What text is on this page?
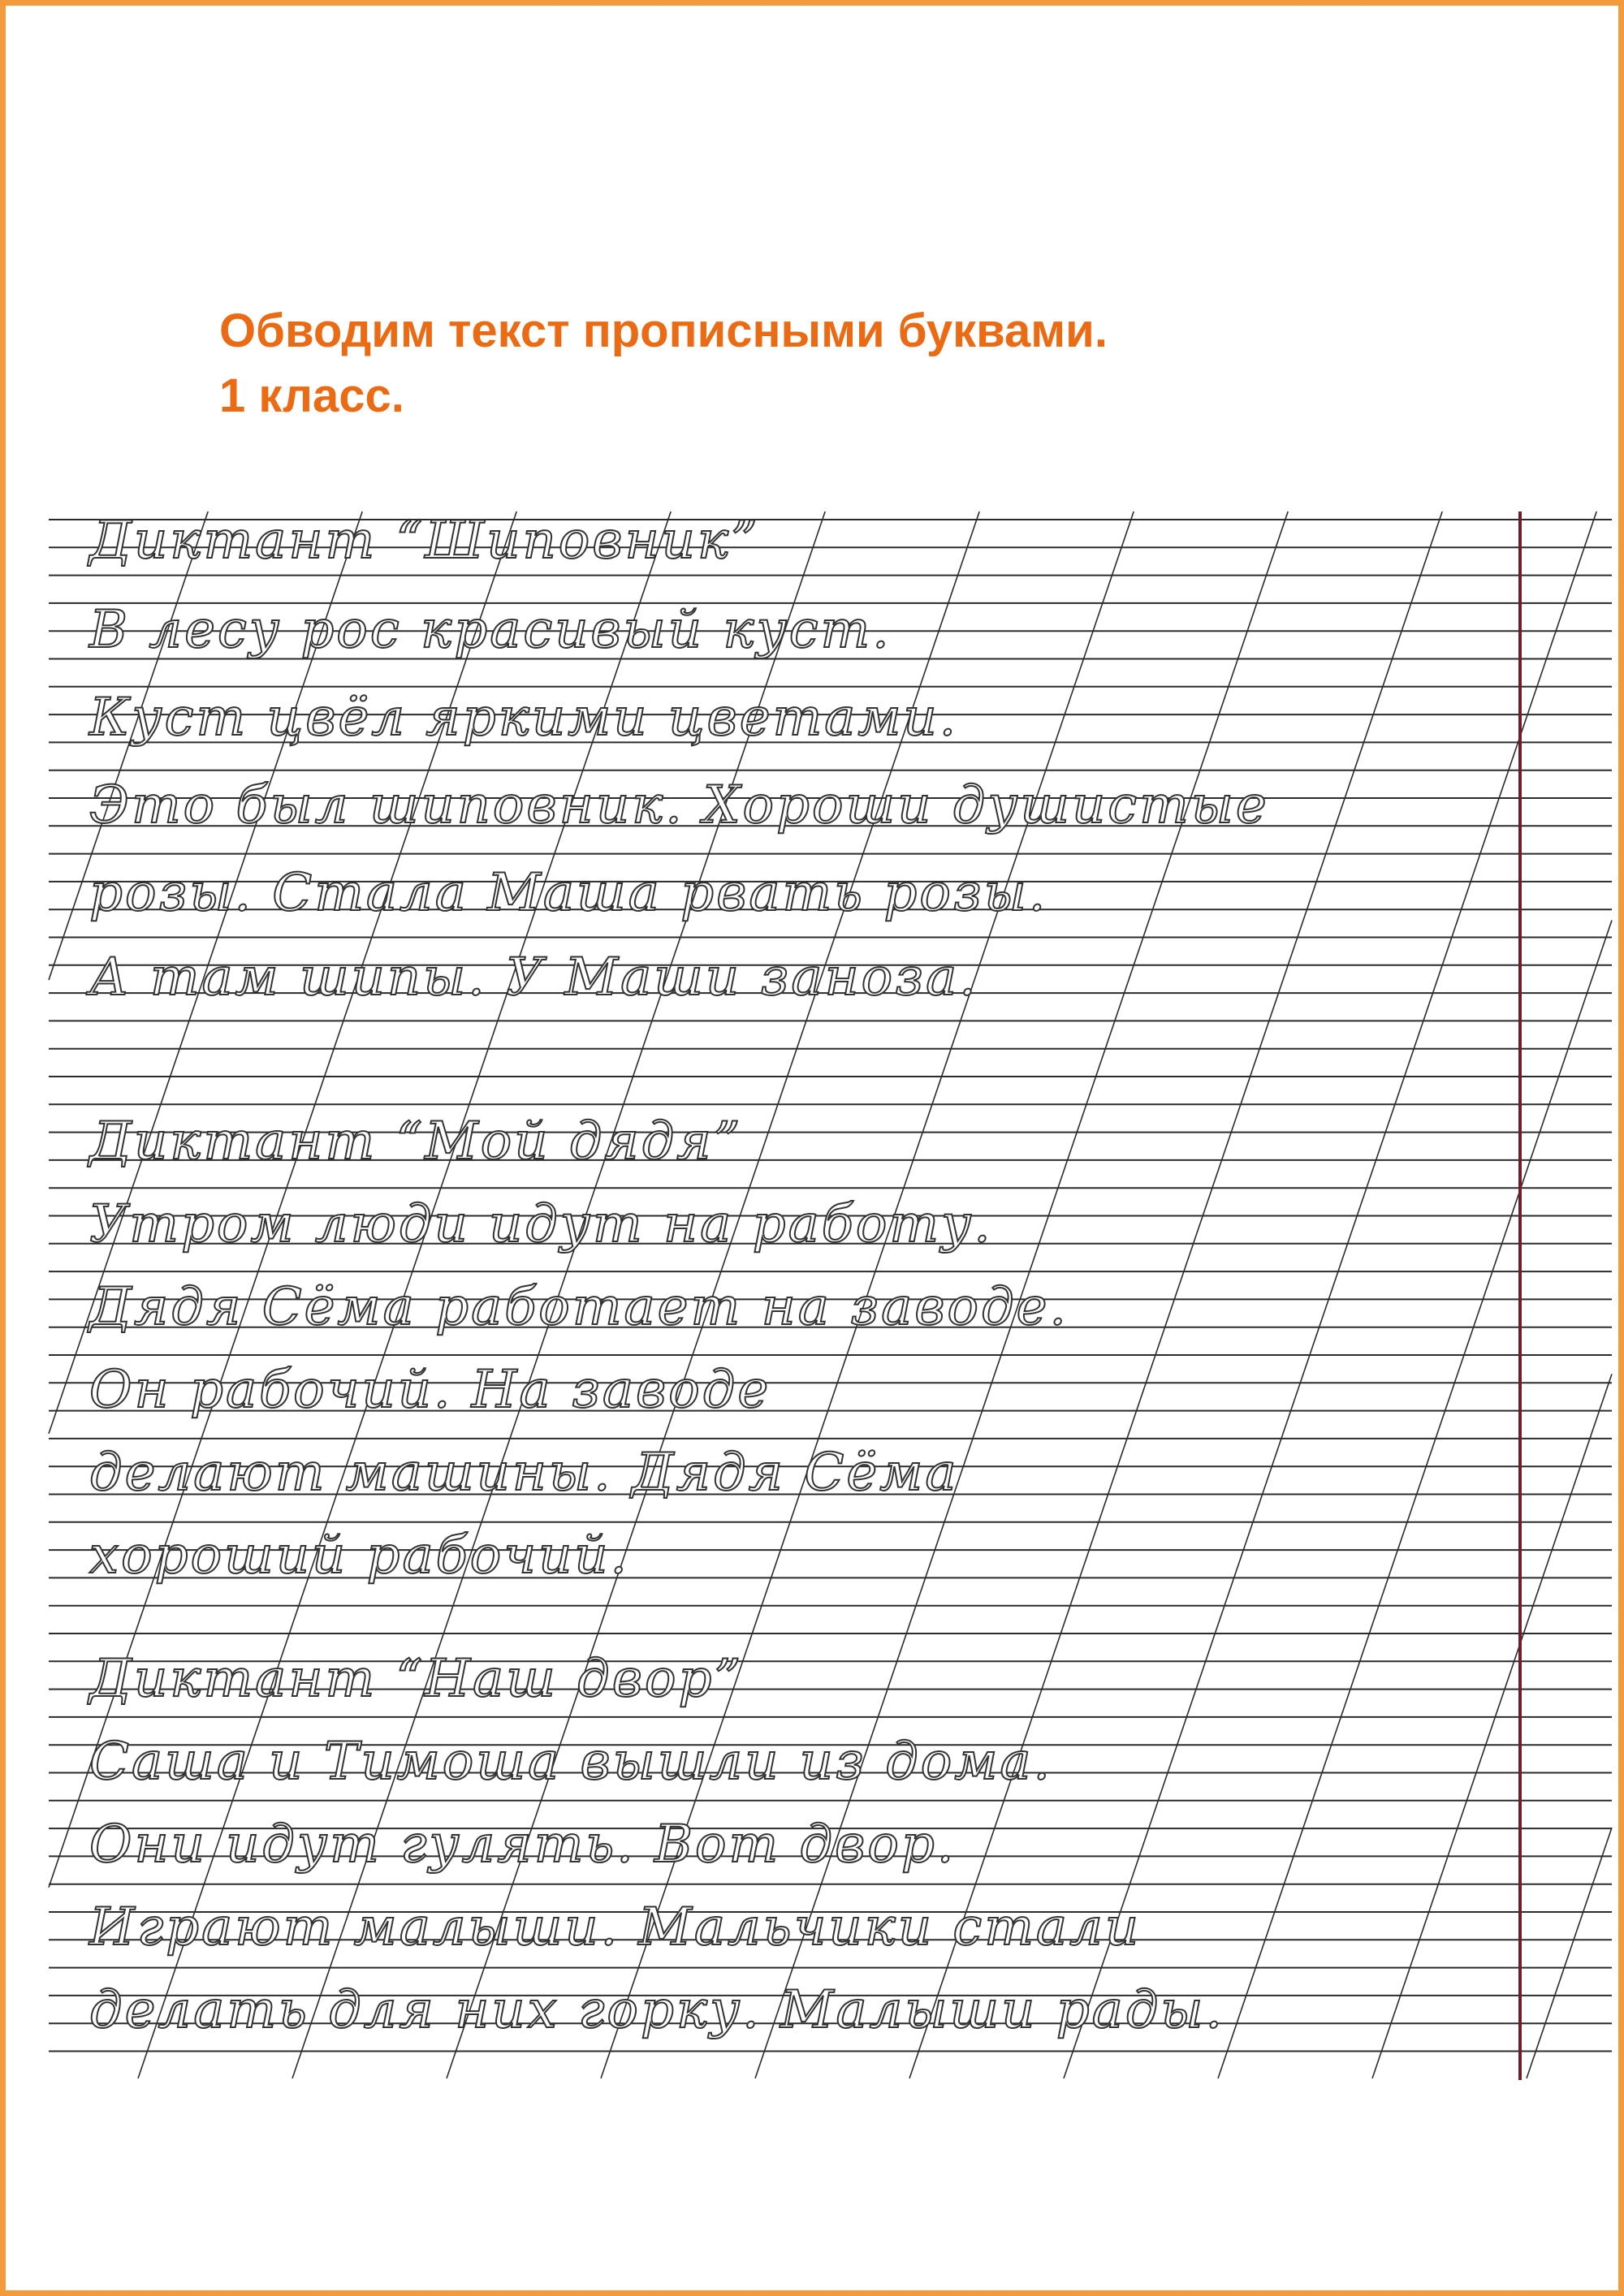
Обводим текст прописными буквами.
1 класс.
Диктант “Шиповник”
В лесу рос красивый куст.
Куст цвёл яркими цветами.
Это был шиповник. Хороши душистые
розы. Стала Маша рвать розы.
А там шипы. У Маши заноза.
Диктант “Мой дядя”
Утром люди идут на работу.
Дядя Сёма работает на заводе.
Он рабочий. На заводе
делают машины. Дядя Сёма
хороший рабочий.
Диктант “Наш двор”
Саша и Тимоша вышли из дома.
Они идут гулять. Вот двор.
Играют малыши. Мальчики стали
делать для них горку. Малыши рады.
